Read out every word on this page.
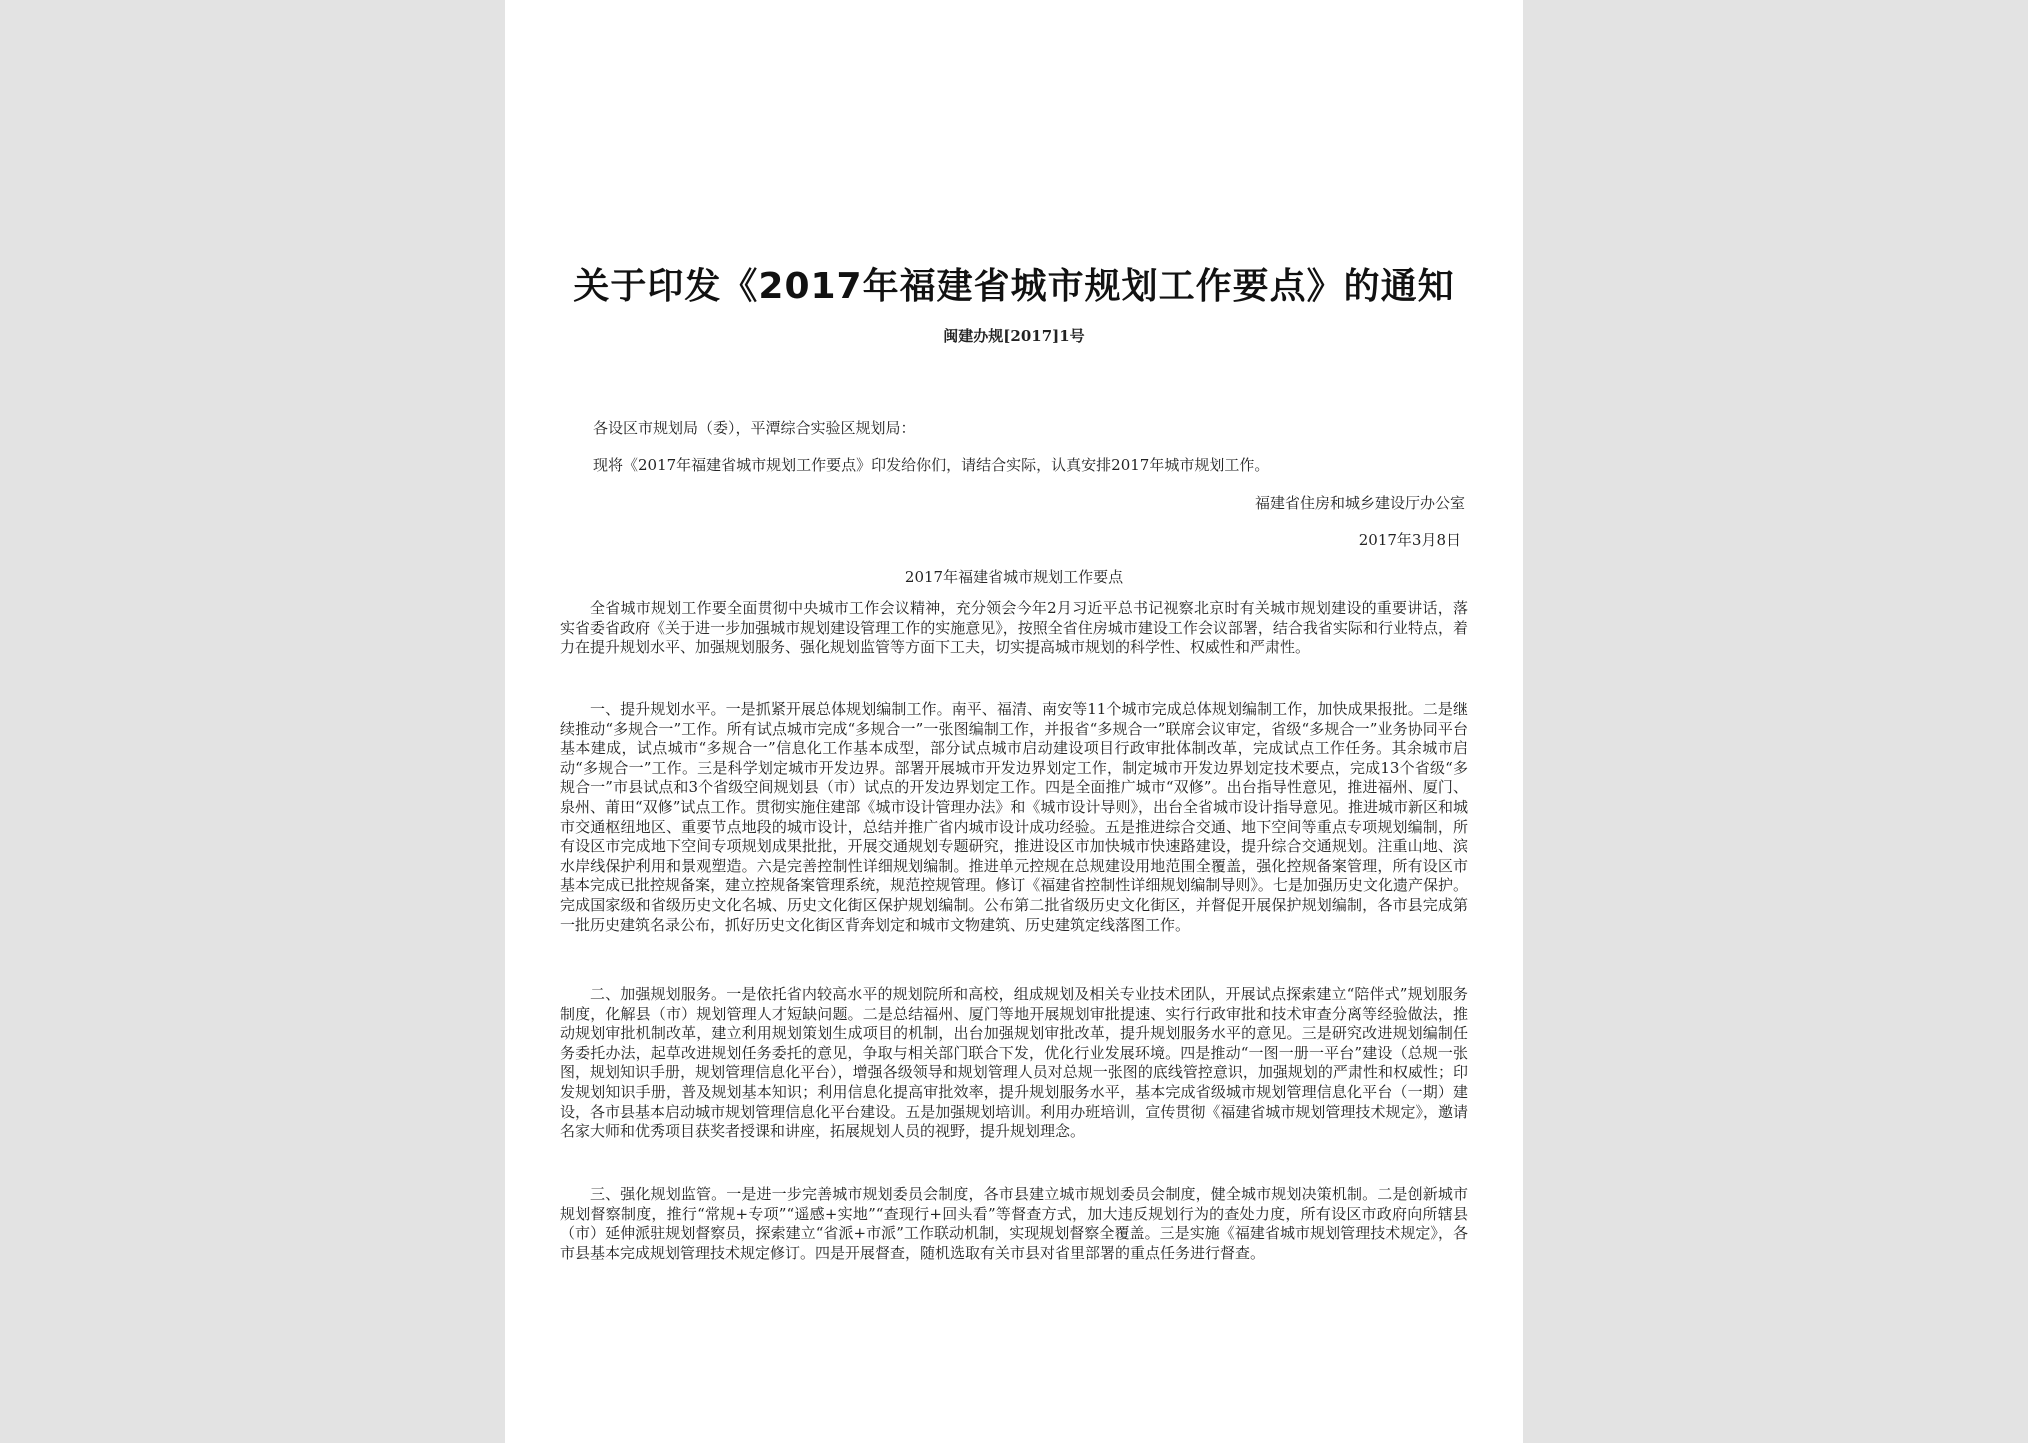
关于印发《2017年福建省城市规划工作要点》的通知
闽建办规[2017]1号
各设区市规划局（委），平潭综合实验区规划局：
现将《2017年福建省城市规划工作要点》印发给你们，请结合实际，认真安排2017年城市规划工作。
福建省住房和城乡建设厅办公室
2017年3月8日
2017年福建省城市规划工作要点

全省城市规划工作要全面贯彻中央城市工作会议精神，充分领会今年2月习近平总书记视察北京时有关城市规划建设的重要讲话，落实省委省政府《关于进一步加强城市规划建设管理工作的实施意见》，按照全省住房城市建设工作会议部署，结合我省实际和行业特点，着力在提升规划水平、加强规划服务、强化规划监管等方面下工夫，切实提高城市规划的科学性、权威性和严肃性。

一、提升规划水平。一是抓紧开展总体规划编制工作。南平、福清、南安等11个城市完成总体规划编制工作，加快成果报批。二是继续推动“多规合一”工作。所有试点城市完成“多规合一”一张图编制工作，并报省“多规合一”联席会议审定，省级“多规合一”业务协同平台基本建成，试点城市“多规合一”信息化工作基本成型，部分试点城市启动建设项目行政审批体制改革，完成试点工作任务。其余城市启动“多规合一”工作。三是科学划定城市开发边界。部署开展城市开发边界划定工作，制定城市开发边界划定技术要点，完成13个省级“多规合一”市县试点和3个省级空间规划县（市）试点的开发边界划定工作。四是全面推广城市“双修”。出台指导性意见，推进福州、厦门、泉州、莆田“双修”试点工作。贯彻实施住建部《城市设计管理办法》和《城市设计导则》，出台全省城市设计指导意见。推进城市新区和城市交通枢纽地区、重要节点地段的城市设计，总结并推广省内城市设计成功经验。五是推进综合交通、地下空间等重点专项规划编制，所有设区市完成地下空间专项规划成果批批，开展交通规划专题研究，推进设区市加快城市快速路建设，提升综合交通规划。注重山地、滨水岸线保护利用和景观塑造。六是完善控制性详细规划编制。推进单元控规在总规建设用地范围全覆盖，强化控规备案管理，所有设区市基本完成已批控规备案，建立控规备案管理系统，规范控规管理。修订《福建省控制性详细规划编制导则》。七是加强历史文化遗产保护。完成国家级和省级历史文化名城、历史文化街区保护规划编制。公布第二批省级历史文化街区，并督促开展保护规划编制，各市县完成第一批历史建筑名录公布，抓好历史文化街区背奔划定和城市文物建筑、历史建筑定线落图工作。

二、加强规划服务。一是依托省内较高水平的规划院所和高校，组成规划及相关专业技术团队，开展试点探索建立“陪伴式”规划服务制度，化解县（市）规划管理人才短缺问题。二是总结福州、厦门等地开展规划审批提速、实行行政审批和技术审查分离等经验做法，推动规划审批机制改革，建立利用规划策划生成项目的机制，出台加强规划审批改革，提升规划服务水平的意见。三是研究改进规划编制任务委托办法，起草改进规划任务委托的意见，争取与相关部门联合下发，优化行业发展环境。四是推动“一图一册一平台”建设（总规一张图，规划知识手册，规划管理信息化平台），增强各级领导和规划管理人员对总规一张图的底线管控意识，加强规划的严肃性和权威性；印发规划知识手册，普及规划基本知识；利用信息化提高审批效率，提升规划服务水平，基本完成省级城市规划管理信息化平台（一期）建设，各市县基本启动城市规划管理信息化平台建设。五是加强规划培训。利用办班培训，宣传贯彻《福建省城市规划管理技术规定》，邀请名家大师和优秀项目获奖者授课和讲座，拓展规划人员的视野，提升规划理念。

三、强化规划监管。一是进一步完善城市规划委员会制度，各市县建立城市规划委员会制度，健全城市规划决策机制。二是创新城市规划督察制度，推行“常规+专项”“遥感+实地”“查现行+回头看”等督查方式，加大违反规划行为的查处力度，所有设区市政府向所辖县（市）延伸派驻规划督察员，探索建立“省派+市派”工作联动机制，实现规划督察全覆盖。三是实施《福建省城市规划管理技术规定》，各市县基本完成规划管理技术规定修订。四是开展督查，随机选取有关市县对省里部署的重点任务进行督查。
